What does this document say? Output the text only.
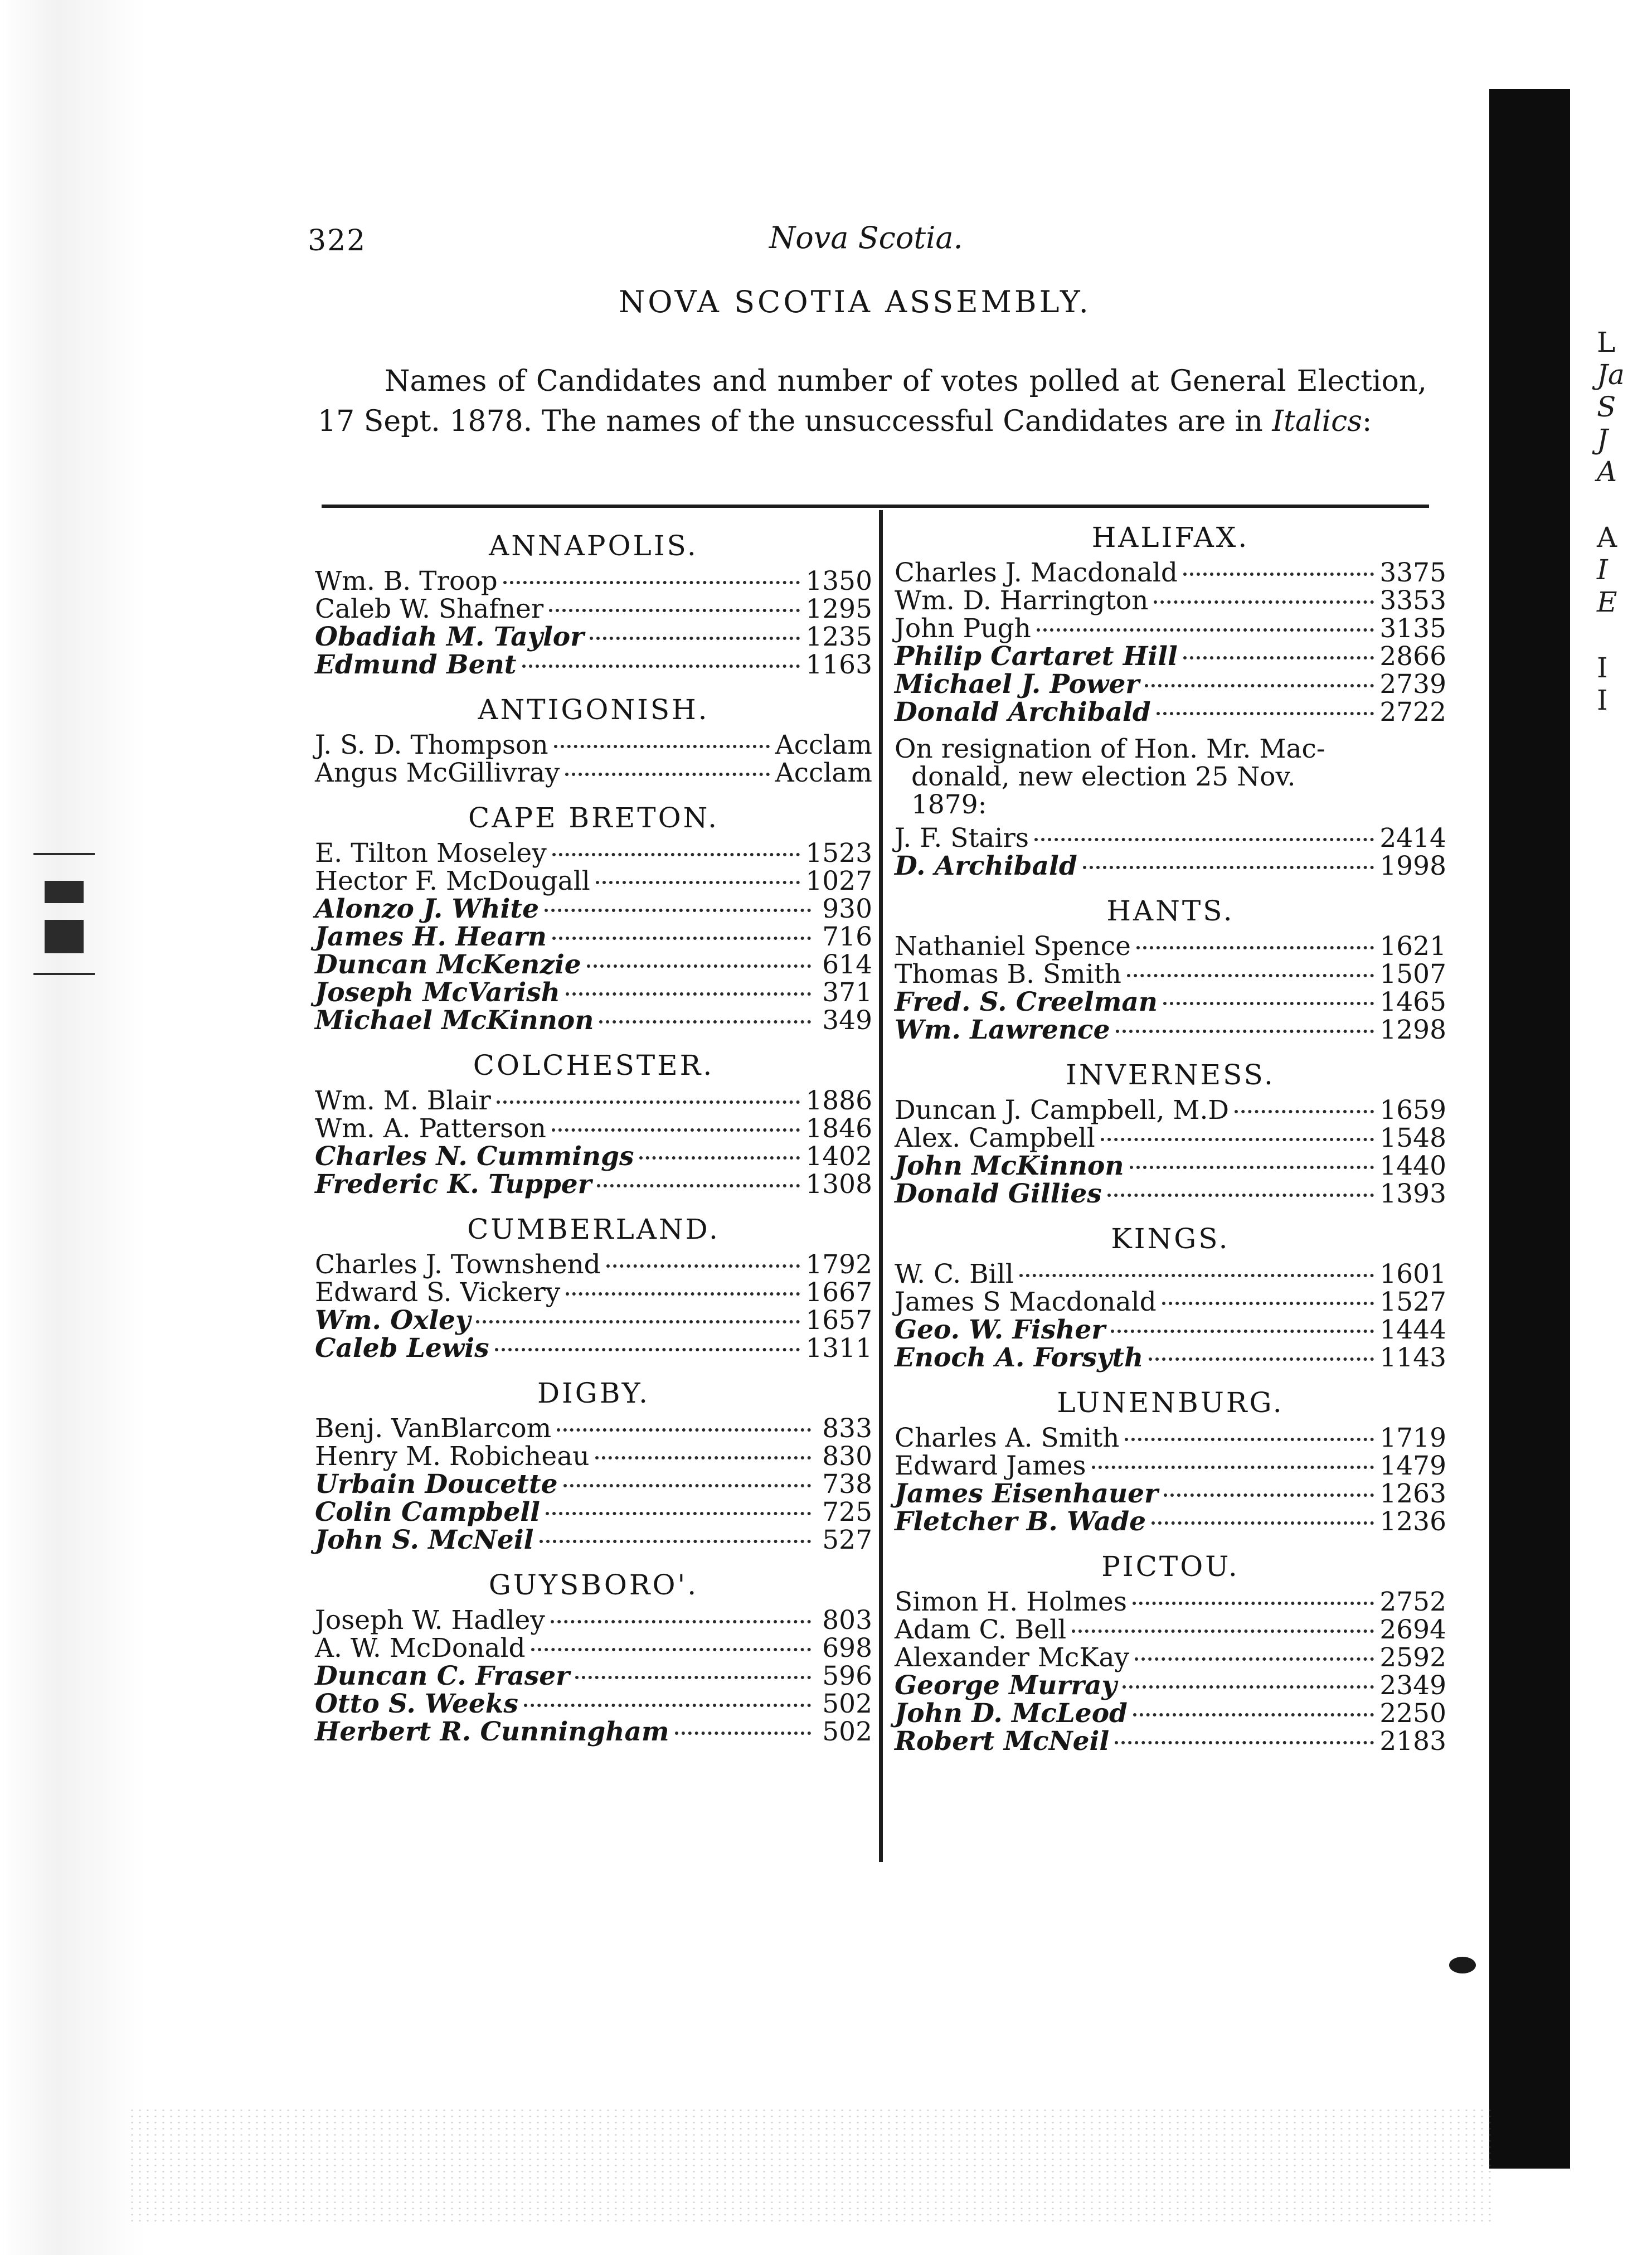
L
Ja
S
J
A
A
I
E
I
I
322	Nova Scotia.
NOVA SCOTIA ASSEMBLY.

Names of Candidates and number of votes polled at General Election, 17 Sept. 1878. The names of the unsuccessful Candidates are in Italics:

ANNAPOLIS.
Wm. B. Troop	1350
Caleb W. Shafner	1295
Obadiah M. Taylor	1235
Edmund Bent	1163
ANTIGONISH.
J. S. D. Thompson	Acclam
Angus McGillivray	Acclam
CAPE BRETON.
E. Tilton Moseley	1523
Hector F. McDougall	1027
Alonzo J. White	930
James H. Hearn	716
Duncan McKenzie	614
Joseph McVarish	371
Michael McKinnon	349
COLCHESTER.
Wm. M. Blair	1886
Wm. A. Patterson	1846
Charles N. Cummings	1402
Frederic K. Tupper	1308
CUMBERLAND.
Charles J. Townshend	1792
Edward S. Vickery	1667
Wm. Oxley	1657
Caleb Lewis	1311
DIGBY.
Benj. VanBlarcom	833
Henry M. Robicheau	830
Urbain Doucette	738
Colin Campbell	725
John S. McNeil	527
GUYSBORO'.
Joseph W. Hadley	803
A. W. McDonald	698
Duncan C. Fraser	596
Otto S. Weeks	502
Herbert R. Cunningham	502
HALIFAX.
Charles J. Macdonald	3375
Wm. D. Harrington	3353
John Pugh	3135
Philip Cartaret Hill	2866
Michael J. Power	2739
Donald Archibald	2722
On resignation of Hon. Mr. Mac-
donald, new election 25 Nov.
1879:
J. F. Stairs	2414
D. Archibald	1998
HANTS.
Nathaniel Spence	1621
Thomas B. Smith	1507
Fred. S. Creelman	1465
Wm. Lawrence	1298
INVERNESS.
Duncan J. Campbell, M.D	1659
Alex. Campbell	1548
John McKinnon	1440
Donald Gillies	1393
KINGS.
W. C. Bill	1601
James S Macdonald	1527
Geo. W. Fisher	1444
Enoch A. Forsyth	1143
LUNENBURG.
Charles A. Smith	1719
Edward James	1479
James Eisenhauer	1263
Fletcher B. Wade	1236
PICTOU.
Simon H. Holmes	2752
Adam C. Bell	2694
Alexander McKay	2592
George Murray	2349
John D. McLeod	2250
Robert McNeil	2183
